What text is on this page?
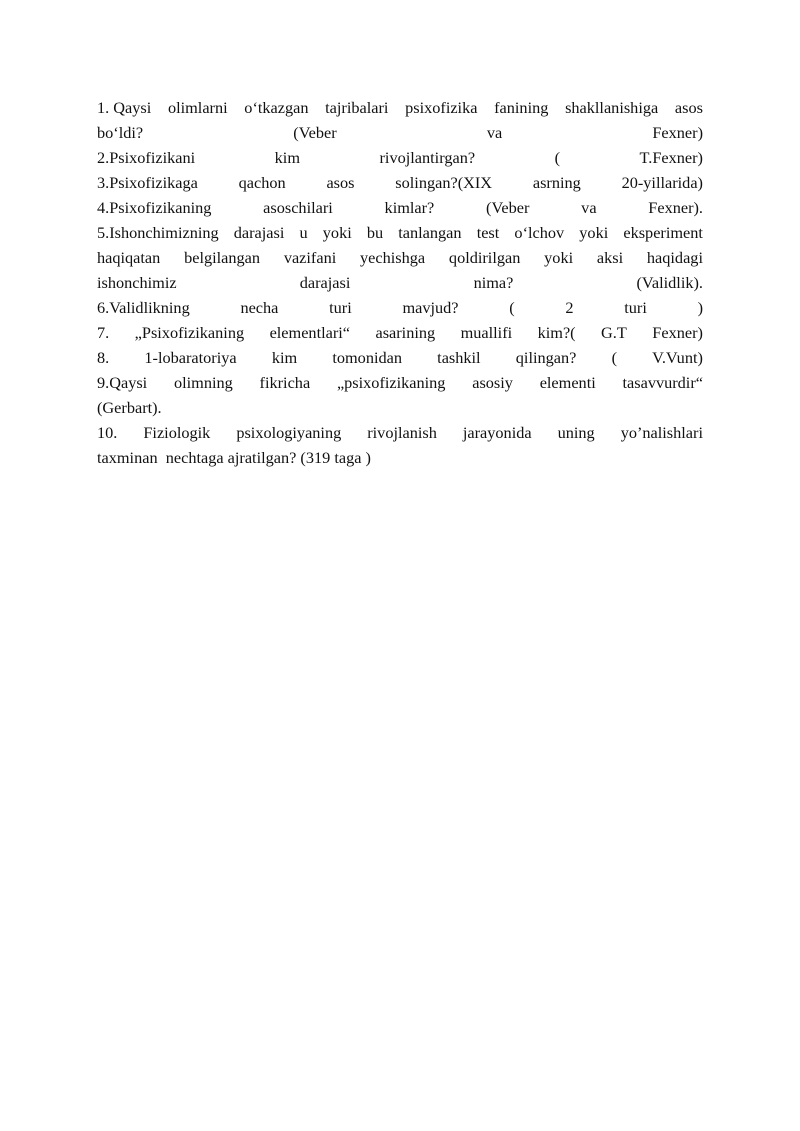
1. Qaysi olimlarni o‘tkazgan tajribalari psixofizika fanining shakllanishiga asos
bo‘ldi?	(Veber	va	Fexner)
2.Psixofizikani	kim	rivojlantirgan?	(	T.Fexner)
3.Psixofizikaga	qachon	asos	solingan?(XIX	asrning	20-yillarida)
4.Psixofizikaning	asoschilari	kimlar?	(Veber	va	Fexner).
5.Ishonchimizning darajasi u yoki bu tanlangan test o‘lchov yoki eksperiment
haqiqatan belgilangan vazifani yechishga qoldirilgan yoki aksi haqidagi
ishonchimiz	darajasi	nima?	(Validlik).
6.Validlikning	necha	turi	mavjud?	(	2	turi	)
7. „Psixofizikaning elementlari“ asarining muallifi kim?( G.T Fexner)
8. 1-lobaratoriya kim tomonidan tashkil qilingan? ( V.Vunt)
9.Qaysi olimning fikricha „psixofizikaning asosiy elementi tasavvurdir“
(Gerbart).
10. Fiziologik psixologiyaning rivojlanish jarayonida uning yo’nalishlari
taxminan  nechtaga ajratilgan? (319 taga )
